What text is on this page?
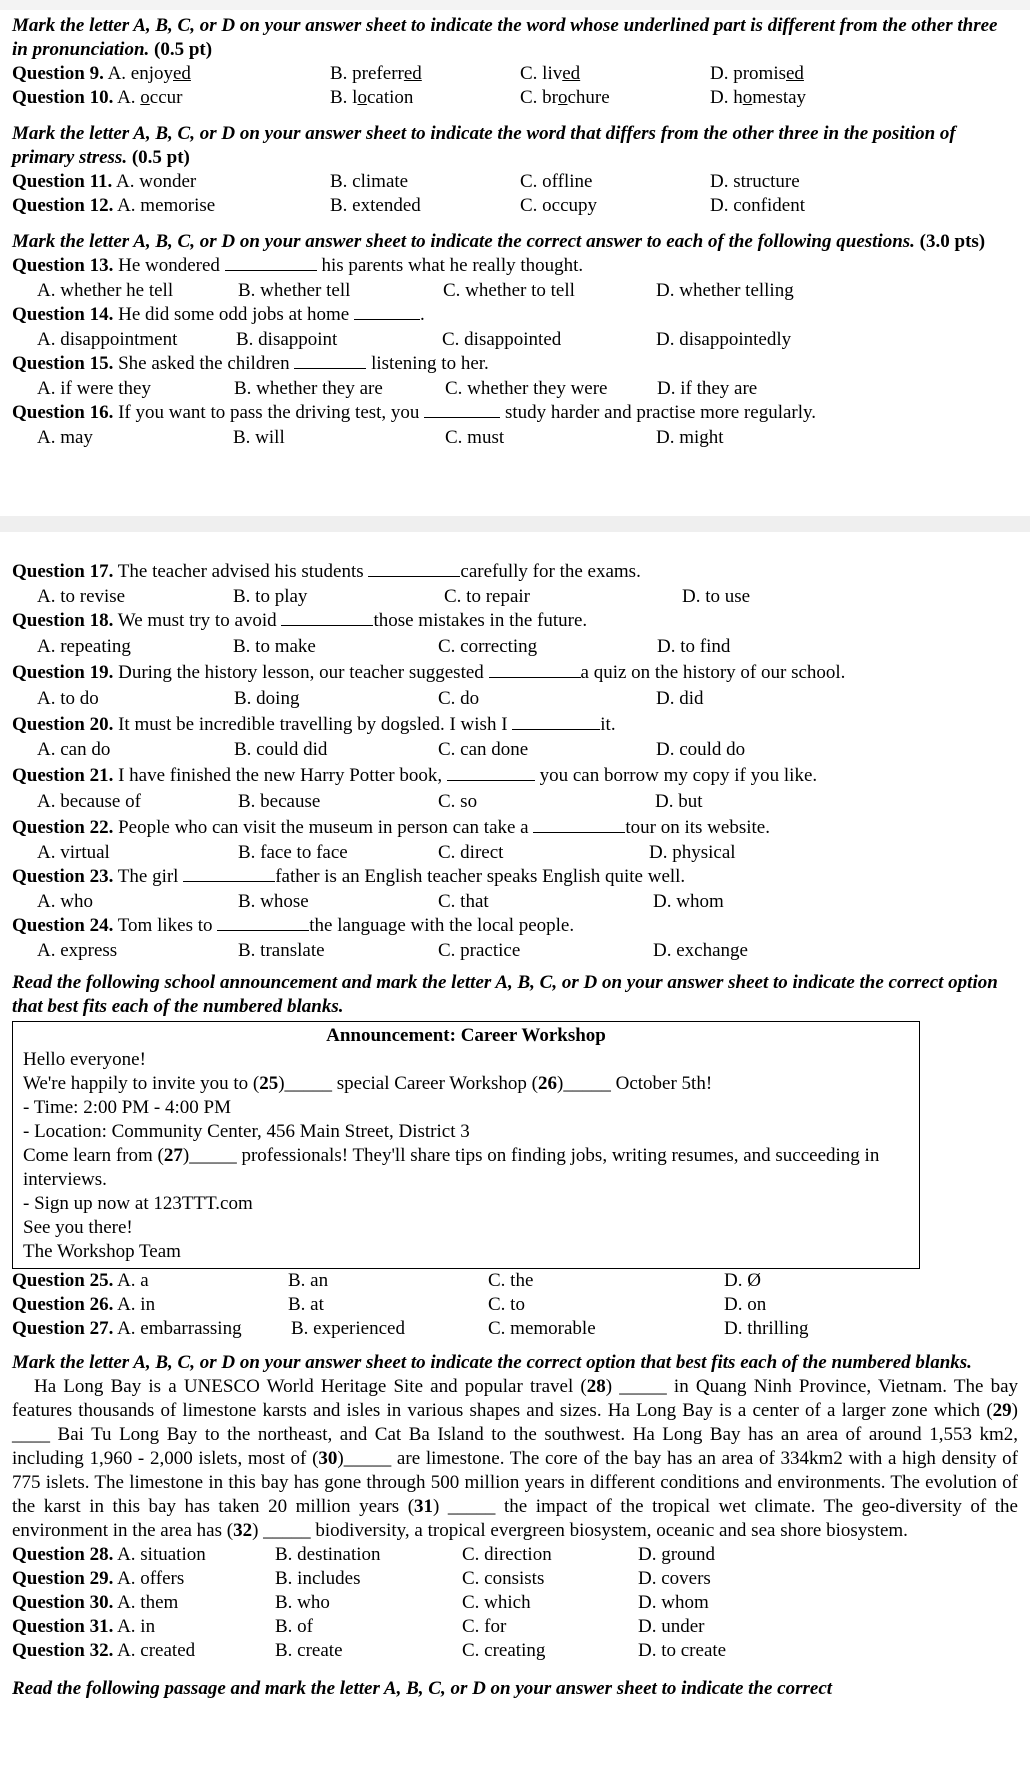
Mark the letter A, B, C, or D on your answer sheet to indicate the word whose underlined part is different from the other three in pronunciation. (0.5 pt)
Question 9. A. enjoyed	B. preferred	C. lived	D. promised
Question 10. A. occur	B. location	C. brochure	D. homestay
Mark the letter A, B, C, or D on your answer sheet to indicate the word that differs from the other three in the position of primary stress. (0.5 pt)
Question 11. A. wonder	B. climate	C. offline	D. structure
Question 12. A. memorise	B. extended	C. occupy	D. confident
Mark the letter A, B, C, or D on your answer sheet to indicate the correct answer to each of the following questions. (3.0 pts)
Question 13. He wondered	his parents what he really thought.
A. whether he tell	B. whether tell	C. whether to tell	D. whether telling
Question 14. He did some odd jobs at home	.
A. disappointment	B. disappoint	C. disappointed	D. disappointedly
Question 15. She asked the children	listening to her.
A. if were they	B. whether they are	C. whether they were	D. if they are
Question 16. If you want to pass the driving test, you	study harder and practise more regularly.
A. may	B. will	C. must	D. might
Question 17. The teacher advised his students	carefully for the exams.
A. to revise	B. to play	C. to repair	D. to use
Question 18. We must try to avoid	those mistakes in the future.
A. repeating	B. to make	C. correcting	D. to find
Question 19. During the history lesson, our teacher suggested	a quiz on the history of our school.
A. to do	B. doing	C. do	D. did
Question 20. It must be incredible travelling by dogsled. I wish I	it.
A. can do	B. could did	C. can done	D. could do
Question 21. I have finished the new Harry Potter book,	you can borrow my copy if you like.
A. because of	B. because	C. so	D. but
Question 22. People who can visit the museum in person can take a	tour on its website.
A. virtual	B. face to face	C. direct	D. physical
Question 23. The girl	father is an English teacher speaks English quite well.
A. who	B. whose	C. that	D. whom
Question 24. Tom likes to	the language with the local people.
A. express	B. translate	C. practice	D. exchange
Read the following school announcement and mark the letter A, B, C, or D on your answer sheet to indicate the correct option that best fits each of the numbered blanks.
Announcement: Career Workshop
Hello everyone!
We're happily to invite you to (25)_____ special Career Workshop (26)_____ October 5th!
- Time: 2:00 PM - 4:00 PM
- Location: Community Center, 456 Main Street, District 3
Come learn from (27)_____ professionals! They'll share tips on finding jobs, writing resumes, and succeeding in interviews.
- Sign up now at 123TTT.com
See you there!
The Workshop Team
Question 25. A. a	B. an	C. the	D. Ø
Question 26. A. in	B. at	C. to	D. on
Question 27. A. embarrassing	B. experienced	C. memorable	D. thrilling
Mark the letter A, B, C, or D on your answer sheet to indicate the correct option that best fits each of the numbered blanks.

Ha Long Bay is a UNESCO World Heritage Site and popular travel (28) _____ in Quang Ninh Province, Vietnam. The bay features thousands of limestone karsts and isles in various shapes and sizes. Ha Long Bay is a center of a larger zone which (29) ____ Bai Tu Long Bay to the northeast, and Cat Ba Island to the southwest. Ha Long Bay has an area of around 1,553 km2, including 1,960 - 2,000 islets, most of (30)_____ are limestone. The core of the bay has an area of 334km2 with a high density of 775 islets. The limestone in this bay has gone through 500 million years in different conditions and environments. The evolution of the karst in this bay has taken 20 million years (31) _____ the impact of the tropical wet climate. The geo-diversity of the environment in the area has (32) _____ biodiversity, a tropical evergreen biosystem, oceanic and sea shore biosystem.

Question 28. A. situation	B. destination	C. direction	D. ground
Question 29. A. offers	B. includes	C. consists	D. covers
Question 30. A. them	B. who	C. which	D. whom
Question 31. A. in	B. of	C. for	D. under
Question 32. A. created	B. create	C. creating	D. to create
Read the following passage and mark the letter A, B, C, or D on your answer sheet to indicate the correct
